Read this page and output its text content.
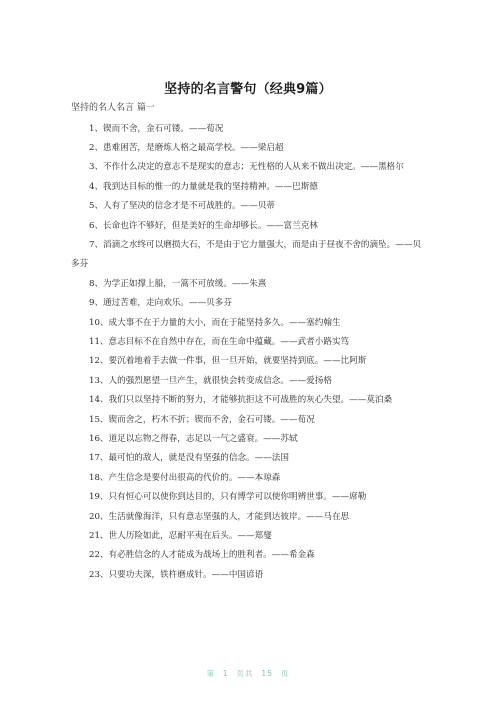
坚持的名言警句（经典9篇）
坚持的名人名言 篇一

1、锲而不舍，金石可镂。——荀况

2、患难困苦，是磨炼人格之最高学校。——梁启超

3、不作什么决定的意志不是现实的意志；无性格的人从来不做出决定。——黑格尔

4、我到达目标的惟一的力量就是我的坚持精神。——巴斯德

5、人有了坚决的信念才是不可战胜的。——贝蒂

6、长命也许不够好，但是美好的生命却够长。——富兰克林

7、滔滴之水终可以磨损大石，不是由于它力量强大，而是由于昼夜不舍的滴坠。——贝多芬

8、为学正如撑上船，一篙不可放缓。——朱熹

9、通过苦难，走向欢乐。——贝多芬

10、成大事不在于力量的大小，而在于能坚持多久。——塞约翰生

11、意志目标不在自然中存在，而在生命中蕴藏。——武者小路实笃

12、要沉着地着手去做一件事，但一旦开始，就要坚持到底。——比阿斯

13、人的强烈愿望一旦产生，就很快会转变成信念。——爱扬格

14、我们只以坚持不断的努力，才能够抗拒这不可战胜的灰心失望。——莫泊桑

15、锲而舍之，朽木不折；锲而不舍，金石可镂。——荀况

16、道足以忘物之得春，志足以一气之盛衰。——苏轼

17、最可怕的敌人，就是没有坚强的信念。——法国

18、产生信念是要付出很高的代价的。——本琼森

19、只有恒心可以使你到达目的，只有博学可以使你明辨世事。——席勒

20、生活就像海洋，只有意志坚强的人，才能到达彼岸。——马在思

21、世人历险如此，忍耐平夷在后头。——郑燮

22、有必胜信念的人才能成为战场上的胜利者。——希金森

23、只要功夫深，铁杵磨成针。——中国谚语

第 1 页共 15 页
